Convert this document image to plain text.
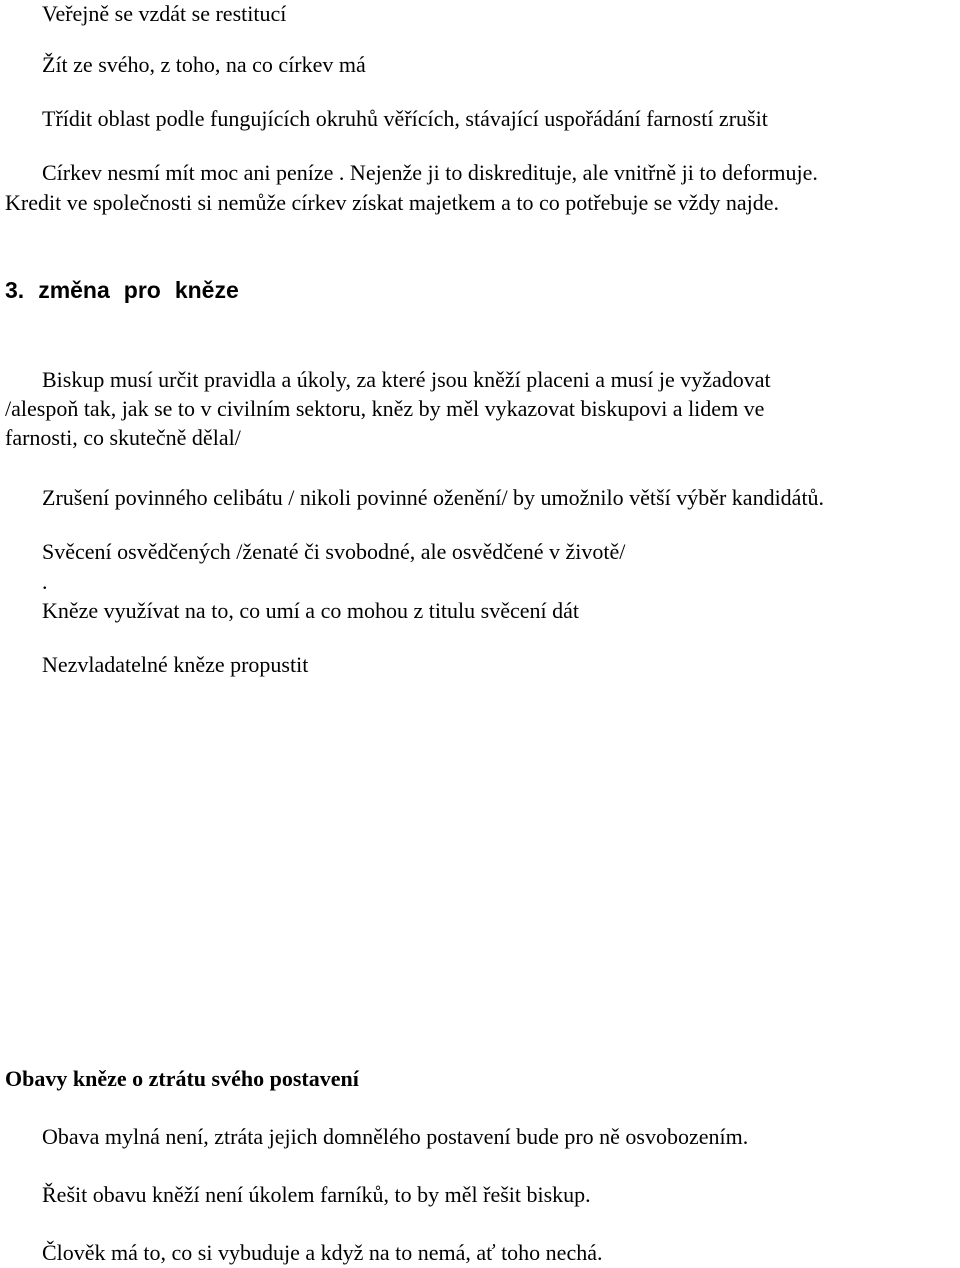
Veřejně se vzdát se restitucí
Žít ze svého, z toho, na co církev má
Třídit oblast podle fungujících okruhů věřících, stávající uspořádání farností zrušit
Církev nesmí mít moc ani peníze . Nejenže ji to diskredituje, ale vnitřně ji to deformuje.
Kredit ve společnosti si nemůže církev získat majetkem a to co potřebuje se vždy najde.
3. změna pro kněze
Biskup musí určit pravidla a úkoly, za které jsou kněží placeni a musí je vyžadovat
/alespoň tak, jak se to v civilním sektoru, kněz by měl vykazovat biskupovi a lidem ve
farnosti, co skutečně dělal/
Zrušení povinného celibátu / nikoli povinné oženění/ by umožnilo větší výběr kandidátů.
Svěcení osvědčených /ženaté či svobodné, ale osvědčené v životě/
.
Kněze využívat na to, co umí a co mohou z titulu svěcení dát
Nezvladatelné kněze propustit
Obavy kněze o ztrátu svého postavení
Obava mylná není, ztráta jejich domnělého postavení bude pro ně osvobozením.
Řešit obavu kněží není úkolem farníků, to by měl řešit biskup.
Člověk má to, co si vybuduje a když na to nemá, ať toho nechá.
